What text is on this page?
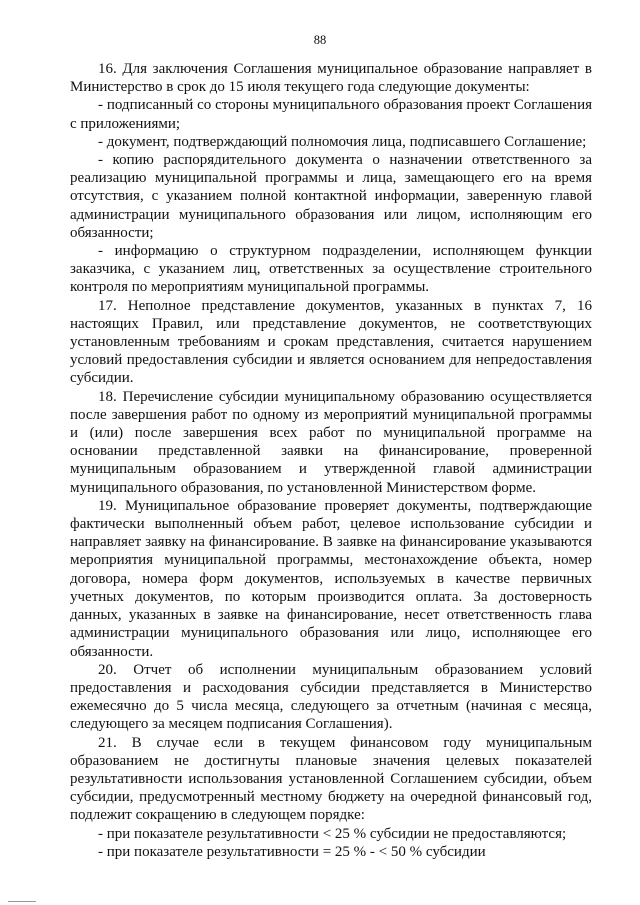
88

16. Для заключения Соглашения муниципальное образование направляет в Министерство в срок до 15 июля текущего года следующие документы:

- подписанный со стороны муниципального образования проект Соглашения с приложениями;

- документ, подтверждающий полномочия лица, подписавшего Соглашение;

- копию распорядительного документа о назначении ответственного за реализацию муниципальной программы и лица, замещающего его на время отсутствия, с указанием полной контактной информации, заверенную главой администрации муниципального образования или лицом, исполняющим его обязанности;

- информацию о структурном подразделении, исполняющем функции заказчика, с указанием лиц, ответственных за осуществление строительного контроля по мероприятиям муниципальной программы.

17. Неполное представление документов, указанных в пунктах 7, 16 настоящих Правил, или представление документов, не соответствующих установленным требованиям и срокам представления, считается нарушением условий предоставления субсидии и является основанием для непредоставления субсидии.

18. Перечисление субсидии муниципальному образованию осуществляется после завершения работ по одному из мероприятий муниципальной программы и (или) после завершения всех работ по муниципальной программе на основании представленной заявки на финансирование, проверенной муниципальным образованием и утвержденной главой администрации муниципального образования, по установленной Министерством форме.

19. Муниципальное образование проверяет документы, подтверждающие фактически выполненный объем работ, целевое использование субсидии и направляет заявку на финансирование. В заявке на финансирование указываются мероприятия муниципальной программы, местонахождение объекта, номер договора, номера форм документов, используемых в качестве первичных учетных документов, по которым производится оплата. За достоверность данных, указанных в заявке на финансирование, несет ответственность глава администрации муниципального образования или лицо, исполняющее его обязанности.

20. Отчет об исполнении муниципальным образованием условий предоставления и расходования субсидии представляется в Министерство ежемесячно до 5 числа месяца, следующего за отчетным (начиная с месяца, следующего за месяцем подписания Соглашения).

21. В случае если в текущем финансовом году муниципальным образованием не достигнуты плановые значения целевых показателей результативности использования установленной Соглашением субсидии, объем субсидии, предусмотренный местному бюджету на очередной финансовый год, подлежит сокращению в следующем порядке:

- при показателе результативности < 25 % субсидии не предоставляются;

- при показателе результативности = 25 % - < 50 % субсидии
